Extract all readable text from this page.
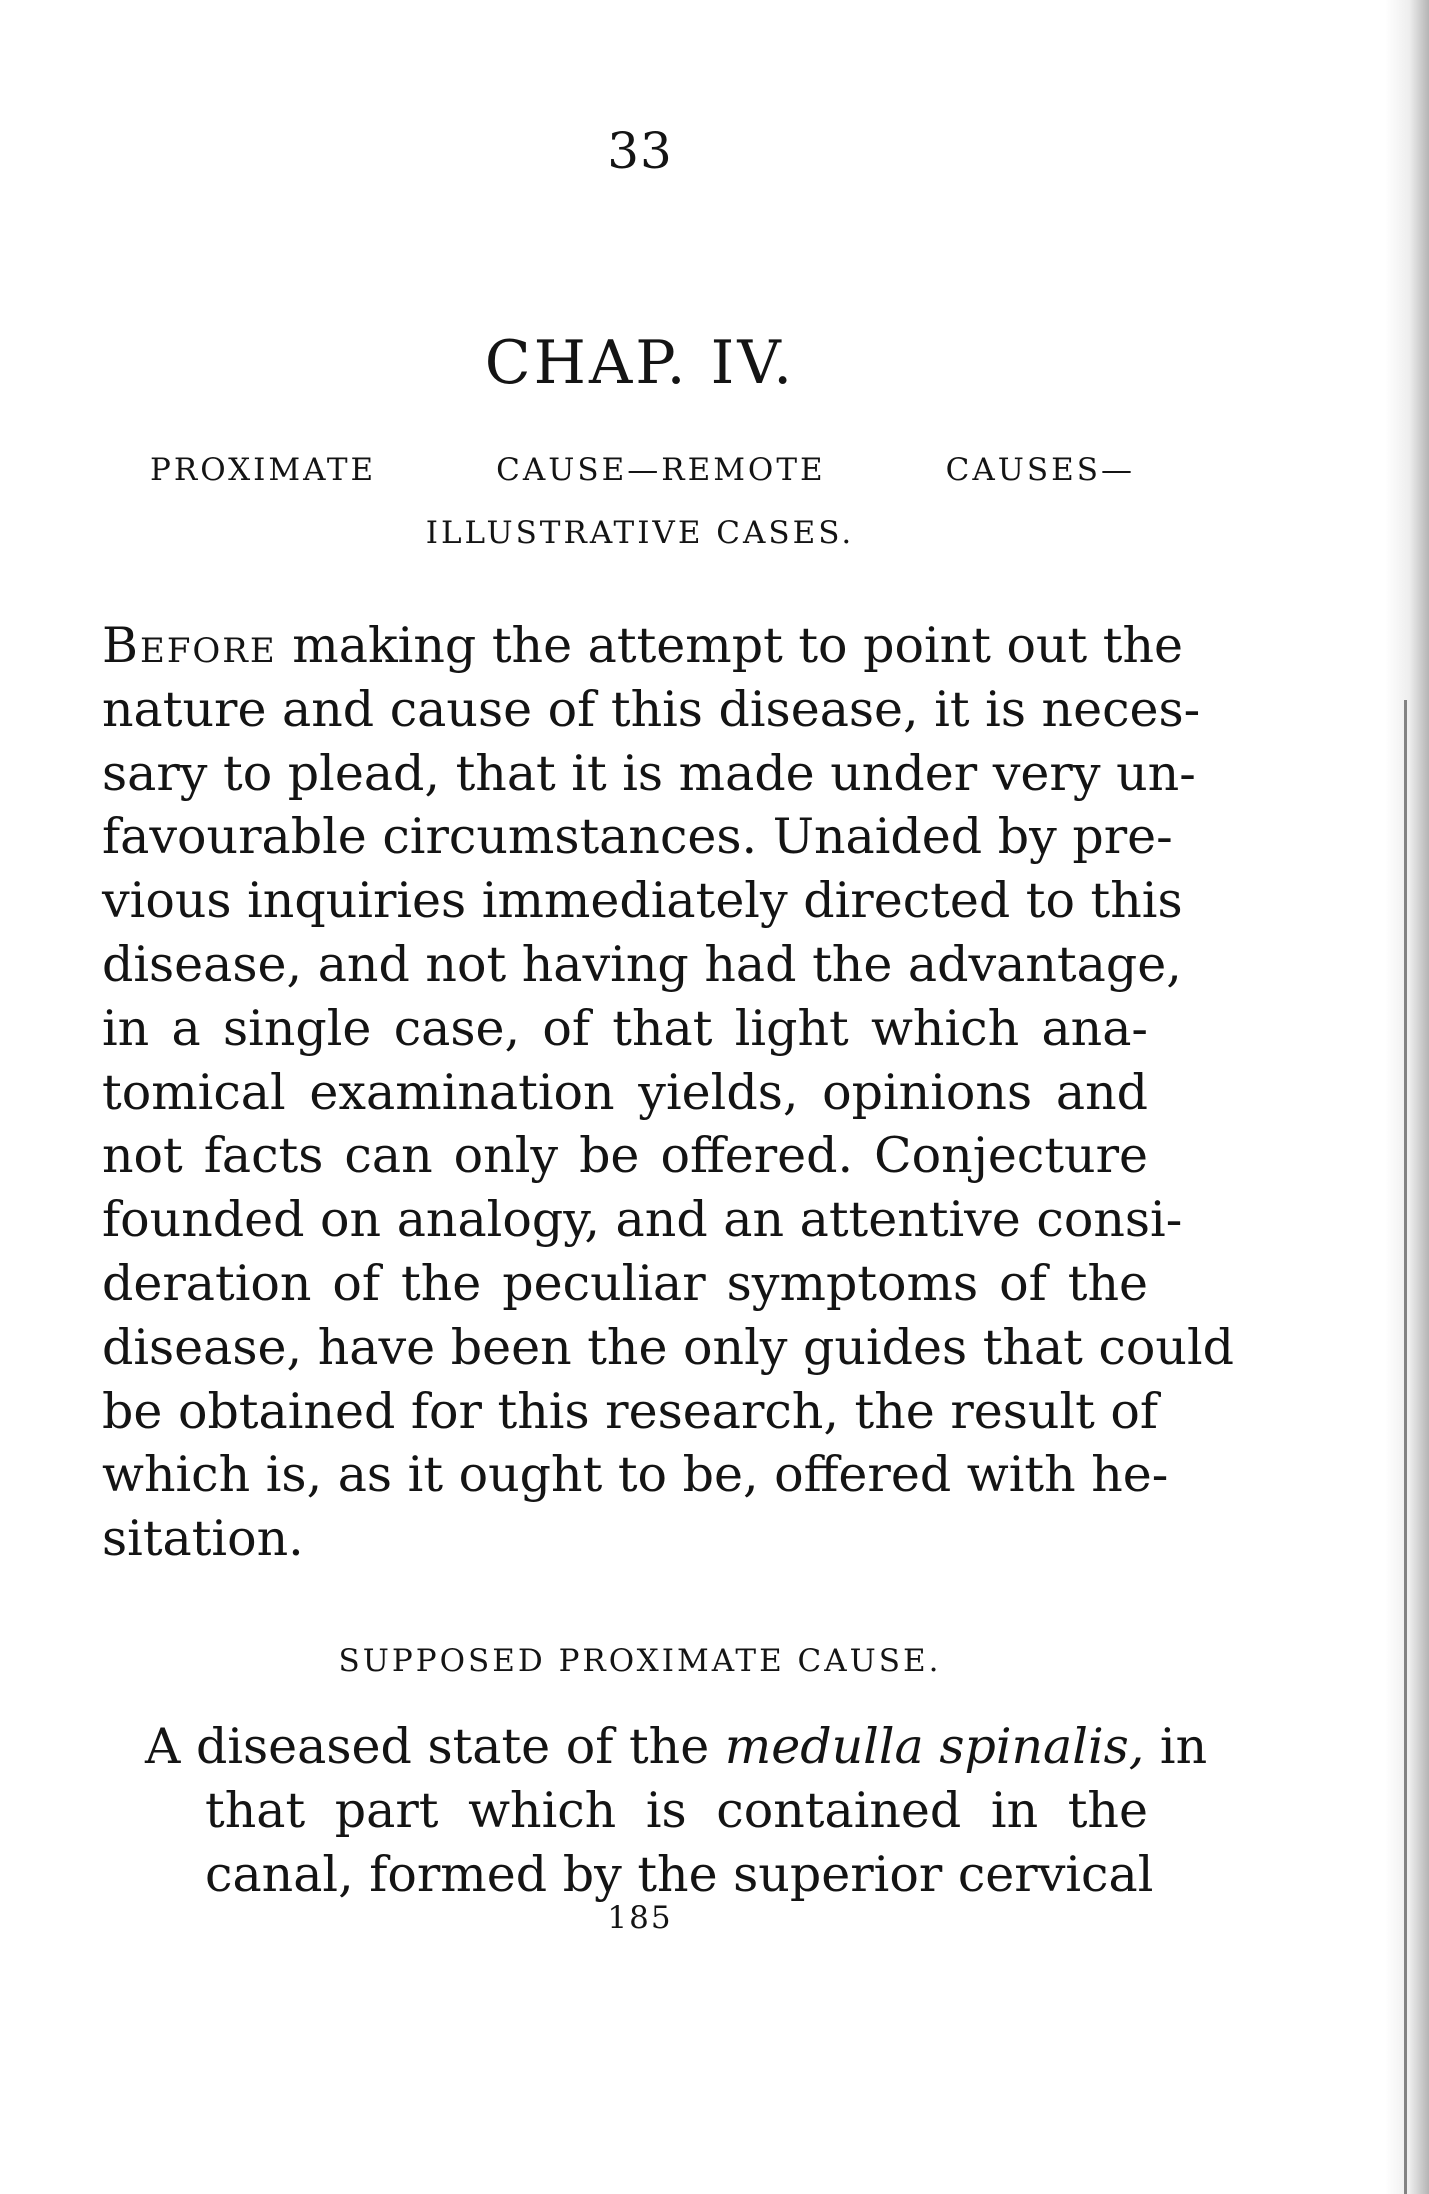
33
CHAP. IV.
PROXIMATE CAUSE—REMOTE CAUSES—
ILLUSTRATIVE CASES.
Before making the attempt to point out the
nature and cause of this disease, it is neces-
sary to plead, that it is made under very un-
favourable circumstances. Unaided by pre-
vious inquiries immediately directed to this
disease, and not having had the advantage,
in a single case, of that light which ana-
tomical examination yields, opinions and
not facts can only be offered. Conjecture
founded on analogy, and an attentive consi-
deration of the peculiar symptoms of the
disease, have been the only guides that could
be obtained for this research, the result of
which is, as it ought to be, offered with he-
sitation.
SUPPOSED PROXIMATE CAUSE.
A diseased state of the medulla spinalis, in
that part which is contained in the
canal, formed by the superior cervical
185
